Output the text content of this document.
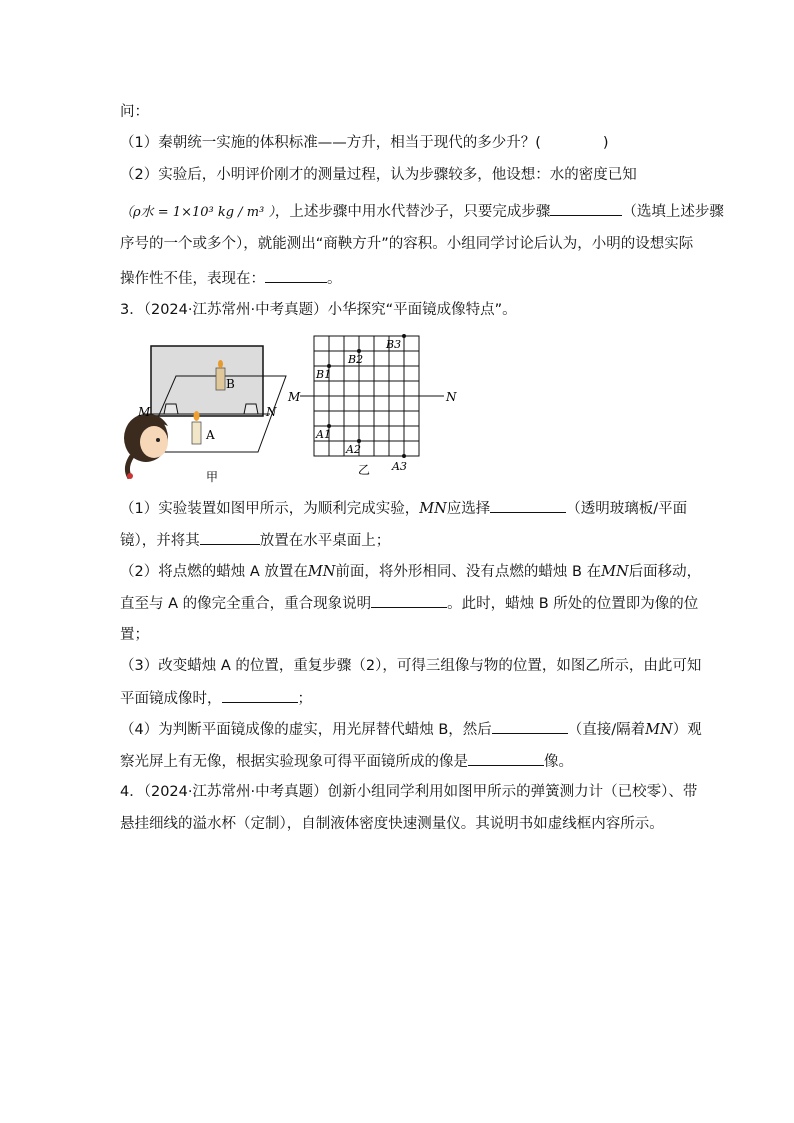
问：
（1）秦朝统一实施的体积标准——方升，相当于现代的多少升？(	)
（2）实验后，小明评价刚才的测量过程，认为步骤较多，他设想：水的密度已知
（ρ水 = 1×10³ kg / m³ ），上述步骤中用水代替沙子，只要完成步骤	（选填上述步骤
序号的一个或多个），就能测出“商鞅方升”的容积。小组同学讨论后认为，小明的设想实际
操作性不佳，表现在：	。
3．（2024·江苏常州·中考真题）小华探究“平面镜成像特点”。
M	N
A
B
甲
M	N
B1
B2
B3
A1
A2
A3
乙
（1）实验装置如图甲所示，为顺利完成实验，MN应选择	（透明玻璃板/平面
镜），并将其	放置在水平桌面上；
（2）将点燃的蜡烛 A 放置在MN前面，将外形相同、没有点燃的蜡烛 B 在MN后面移动，
直至与 A 的像完全重合，重合现象说明	。此时，蜡烛 B 所处的位置即为像的位
置；
（3）改变蜡烛 A 的位置，重复步骤（2），可得三组像与物的位置，如图乙所示，由此可知
平面镜成像时，	；
（4）为判断平面镜成像的虚实，用光屏替代蜡烛 B，然后	（直接/隔着MN）观
察光屏上有无像，根据实验现象可得平面镜所成的像是	像。
4．（2024·江苏常州·中考真题）创新小组同学利用如图甲所示的弹簧测力计（已校零）、带
悬挂细线的溢水杯（定制），自制液体密度快速测量仪。其说明书如虚线框内容所示。
